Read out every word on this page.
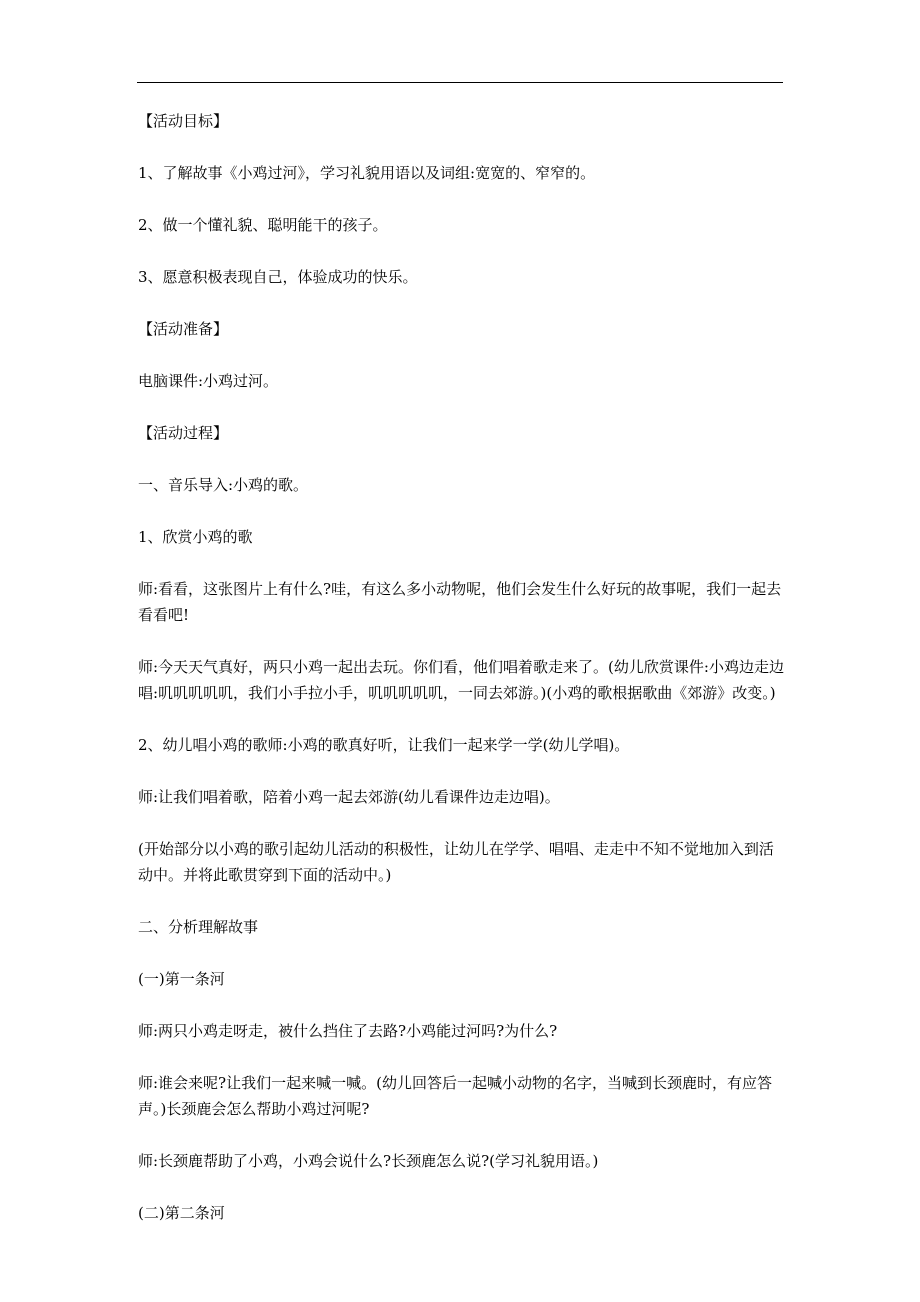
【活动目标】

1、了解故事《小鸡过河》，学习礼貌用语以及词组:宽宽的、窄窄的。

2、做一个懂礼貌、聪明能干的孩子。

3、愿意积极表现自己，体验成功的快乐。

【活动准备】

电脑课件:小鸡过河。

【活动过程】

一、音乐导入:小鸡的歌。

1、欣赏小鸡的歌

师:看看，这张图片上有什么?哇，有这么多小动物呢，他们会发生什么好玩的故事呢，我们一起去看看吧!

师:今天天气真好，两只小鸡一起出去玩。你们看，他们唱着歌走来了。(幼儿欣赏课件:小鸡边走边唱:叽叽叽叽叽，我们小手拉小手，叽叽叽叽叽，一同去郊游。)(小鸡的歌根据歌曲《郊游》改变。)

2、幼儿唱小鸡的歌师:小鸡的歌真好听，让我们一起来学一学(幼儿学唱)。

师:让我们唱着歌，陪着小鸡一起去郊游(幼儿看课件边走边唱)。

(开始部分以小鸡的歌引起幼儿活动的积极性，让幼儿在学学、唱唱、走走中不知不觉地加入到活动中。并将此歌贯穿到下面的活动中。)

二、分析理解故事

(一)第一条河

师:两只小鸡走呀走，被什么挡住了去路?小鸡能过河吗?为什么?

师:谁会来呢?让我们一起来喊一喊。(幼儿回答后一起喊小动物的名字，当喊到长颈鹿时，有应答声。)长颈鹿会怎么帮助小鸡过河呢?

师:长颈鹿帮助了小鸡，小鸡会说什么?长颈鹿怎么说?(学习礼貌用语。)

(二)第二条河
